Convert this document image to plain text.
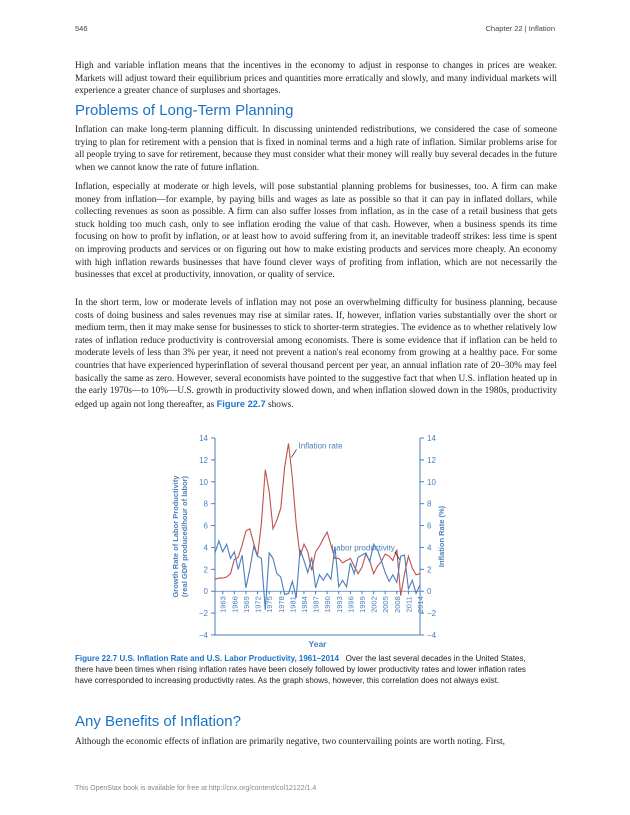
546	Chapter 22 | Inflation

High and variable inflation means that the incentives in the economy to adjust in response to changes in prices are weaker. Markets will adjust toward their equilibrium prices and quantities more erratically and slowly, and many individual markets will experience a greater chance of surpluses and shortages.

Problems of Long-Term Planning

Inflation can make long-term planning difficult. In discussing unintended redistributions, we considered the case of someone trying to plan for retirement with a pension that is fixed in nominal terms and a high rate of inflation. Similar problems arise for all people trying to save for retirement, because they must consider what their money will really buy several decades in the future when we cannot know the rate of future inflation.

Inflation, especially at moderate or high levels, will pose substantial planning problems for businesses, too. A firm can make money from inflation—for example, by paying bills and wages as late as possible so that it can pay in inflated dollars, while collecting revenues as soon as possible. A firm can also suffer losses from inflation, as in the case of a retail business that gets stuck holding too much cash, only to see inflation eroding the value of that cash. However, when a business spends its time focusing on how to profit by inflation, or at least how to avoid suffering from it, an inevitable tradeoff strikes: less time is spent on improving products and services or on figuring out how to make existing products and services more cheaply. An economy with high inflation rewards businesses that have found clever ways of profiting from inflation, which are not necessarily the businesses that excel at productivity, innovation, or quality of service.

In the short term, low or moderate levels of inflation may not pose an overwhelming difficulty for business planning, because costs of doing business and sales revenues may rise at similar rates. If, however, inflation varies substantially over the short or medium term, then it may make sense for businesses to stick to shorter-term strategies. The evidence as to whether relatively low rates of inflation reduce productivity is controversial among economists. There is some evidence that if inflation can be held to moderate levels of less than 3% per year, it need not prevent a nation's real economy from growing at a healthy pace. For some countries that have experienced hyperinflation of several thousand percent per year, an annual inflation rate of 20–30% may feel basically the same as zero. However, several economists have pointed to the suggestive fact that when U.S. inflation heated up in the early 1970s—to 10%—U.S. growth in productivity slowed down, and when inflation slowed down in the 1980s, productivity edged up again not long thereafter, as Figure 22.7 shows.

−4	−4
−2	−2
0	0
2	2
4	4
6	6
8	8
10	10
12	12
14	14
1963 1966 1969 1972 1975 1978 1981 1984 1987 1990 1993 1996 1999 2002 2005 2008 2011 2014
Inflation rate
Labor productivity
Year
Growth Rate of Labor Productivity (real GDP produced/hour of labor)	Inflation Rate (%)

Figure 22.7 U.S. Inflation Rate and U.S. Labor Productivity, 1961–2014 Over the last several decades in the United States, there have been times when rising inflation rates have been closely followed by lower productivity rates and lower inflation rates have corresponded to increasing productivity rates. As the graph shows, however, this correlation does not always exist.

Any Benefits of Inflation?

Although the economic effects of inflation are primarily negative, two countervailing points are worth noting. First,

This OpenStax book is available for free at http://cnx.org/content/col12122/1.4
